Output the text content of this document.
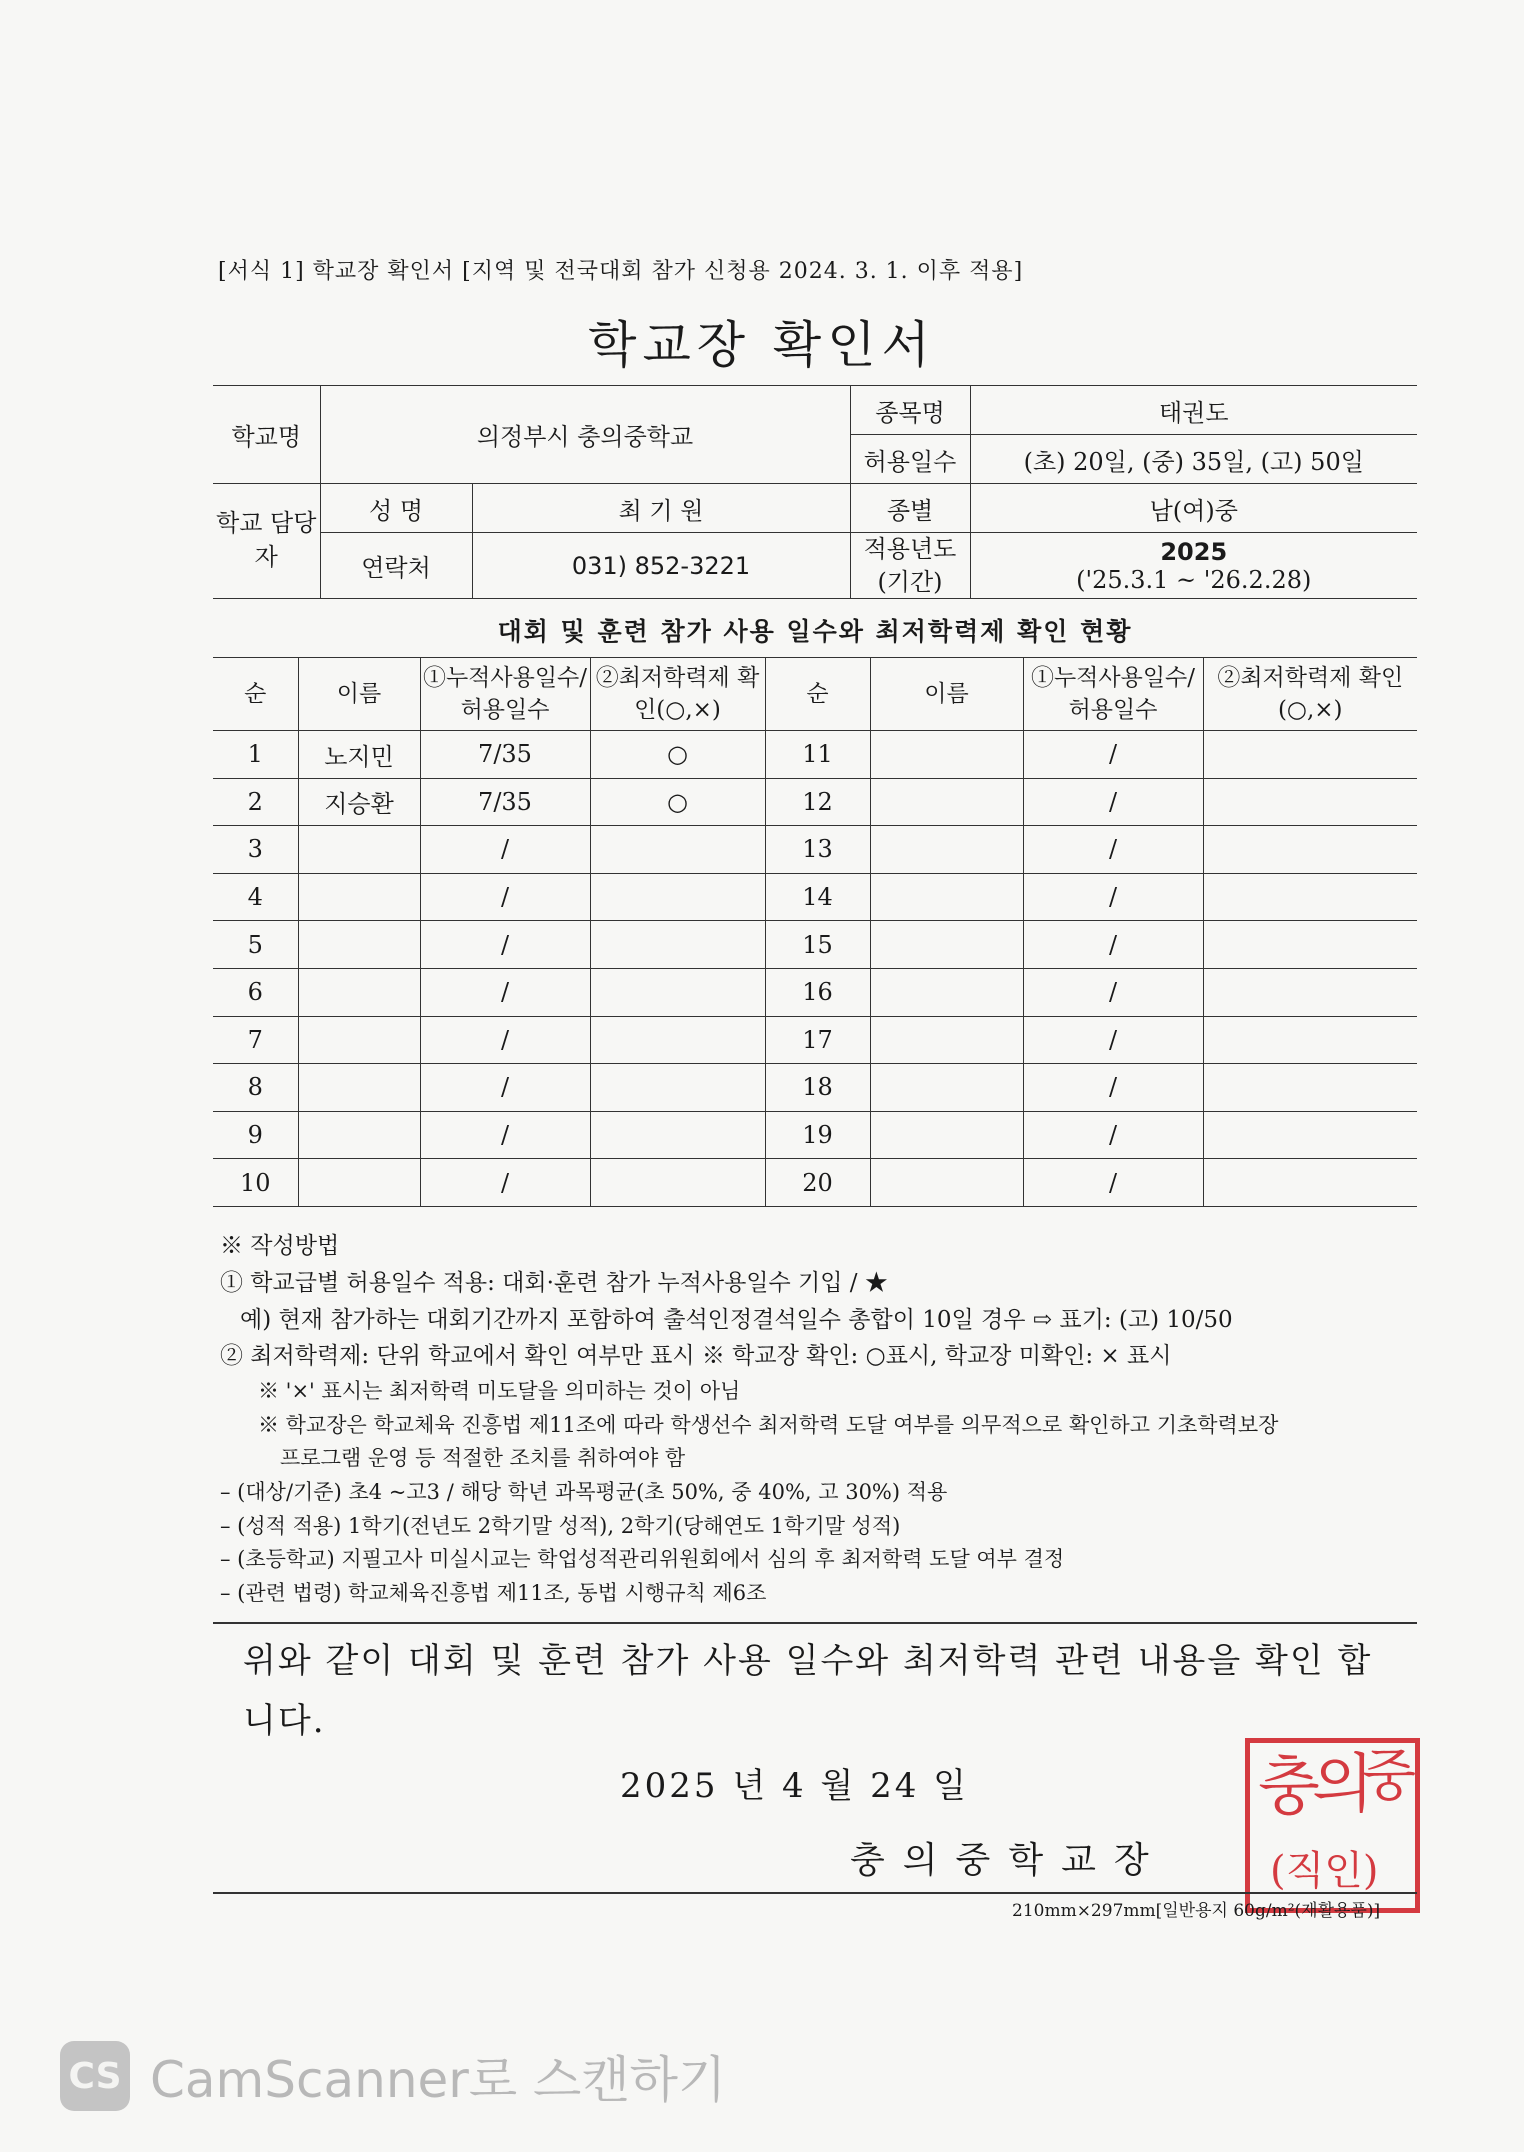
[서식 1] 학교장 확인서 [지역 및 전국대회 참가 신청용 2024. 3. 1. 이후 적용]
학교장 확인서
학교명	의정부시 충의중학교		종목명	태권도
			허용일수	(초) 20일, (중) 35일, (고) 50일
학교 담당자	성 명	최 기 원	종별	남(여)중
	연락처	031) 852-3221	적용년도 (기간)	2025
('25.3.1 ~ '26.2.28)
대회 및 훈련 참가 사용 일수와 최저학력제 확인 현황
순	이름	①누적사용일수/ 허용일수	②최저학력제 확인(○,×)	순	이름	①누적사용일수/ 허용일수	②최저학력제 확인(○,×)
1	노지민	7/35	○	11		/	
2	지승환	7/35	○	12		/	
3		/		13		/	
4		/		14		/	
5		/		15		/	
6		/		16		/	
7		/		17		/	
8		/		18		/	
9		/		19		/	
10		/		20		/	
※ 작성방법
① 학교급별 허용일수 적용: 대회·훈련 참가 누적사용일수 기입 / ★
예) 현재 참가하는 대회기간까지 포함하여 출석인정결석일수 총합이 10일 경우 ⇨ 표기: (고) 10/50
② 최저학력제: 단위 학교에서 확인 여부만 표시 ※ 학교장 확인: ○표시, 학교장 미확인: × 표시
※ '×' 표시는 최저학력 미도달을 의미하는 것이 아님
※ 학교장은 학교체육 진흥법 제11조에 따라 학생선수 최저학력 도달 여부를 의무적으로 확인하고 기초학력보장
프로그램 운영 등 적절한 조치를 취하여야 함
– (대상/기준) 초4 ~고3 / 해당 학년 과목평균(초 50%, 중 40%, 고 30%) 적용
– (성적 적용) 1학기(전년도 2학기말 성적), 2학기(당해연도 1학기말 성적)
– (초등학교) 지필고사 미실시교는 학업성적관리위원회에서 심의 후 최저학력 도달 여부 결정
– (관련 법령) 학교체육진흥법 제11조, 동법 시행규칙 제6조
위와 같이 대회 및 훈련 참가 사용 일수와 최저학력 관련 내용을 확인 합니다.
2025 년 4 월 24 일
충의중학교장
충
의
중
(직인)
210mm×297mm[일반용지 60g/m²(재활용품)]
CS CamScanner로 스캔하기
